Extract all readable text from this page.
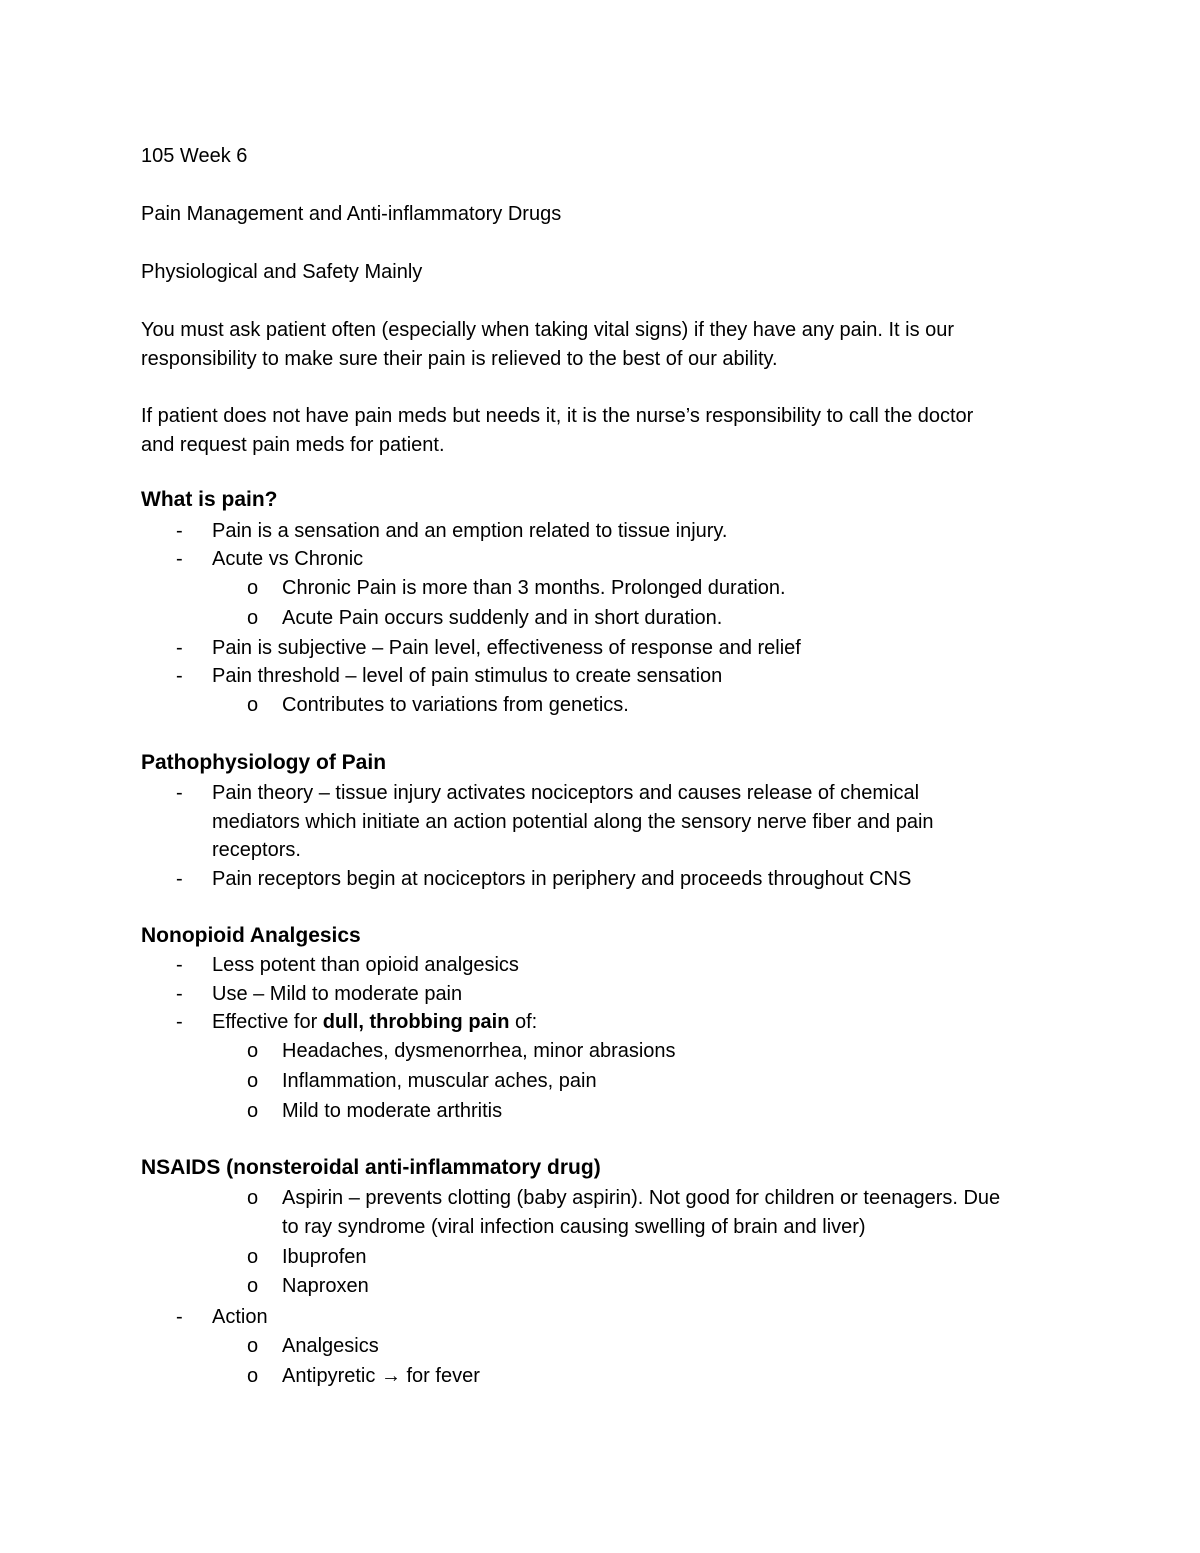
105 Week 6
Pain Management and Anti-inflammatory Drugs
Physiological and Safety Mainly
You must ask patient often (especially when taking vital signs) if they have any pain. It is our
responsibility to make sure their pain is relieved to the best of our ability.
If patient does not have pain meds but needs it, it is the nurse’s responsibility to call the doctor
and request pain meds for patient.
What is pain?
- Pain is a sensation and an emption related to tissue injury.
- Acute vs Chronic
o Chronic Pain is more than 3 months. Prolonged duration.
o Acute Pain occurs suddenly and in short duration.
- Pain is subjective – Pain level, effectiveness of response and relief
- Pain threshold – level of pain stimulus to create sensation
o Contributes to variations from genetics.
Pathophysiology of Pain
- Pain theory – tissue injury activates nociceptors and causes release of chemical
mediators which initiate an action potential along the sensory nerve fiber and pain
receptors.
- Pain receptors begin at nociceptors in periphery and proceeds throughout CNS
Nonopioid Analgesics
- Less potent than opioid analgesics
- Use – Mild to moderate pain
- Effective for dull, throbbing pain of:
o Headaches, dysmenorrhea, minor abrasions
o Inflammation, muscular aches, pain
o Mild to moderate arthritis
NSAIDS (nonsteroidal anti-inflammatory drug)
o Aspirin – prevents clotting (baby aspirin). Not good for children or teenagers. Due
to ray syndrome (viral infection causing swelling of brain and liver)
o Ibuprofen
o Naproxen
- Action
o Analgesics
o Antipyretic → for fever
